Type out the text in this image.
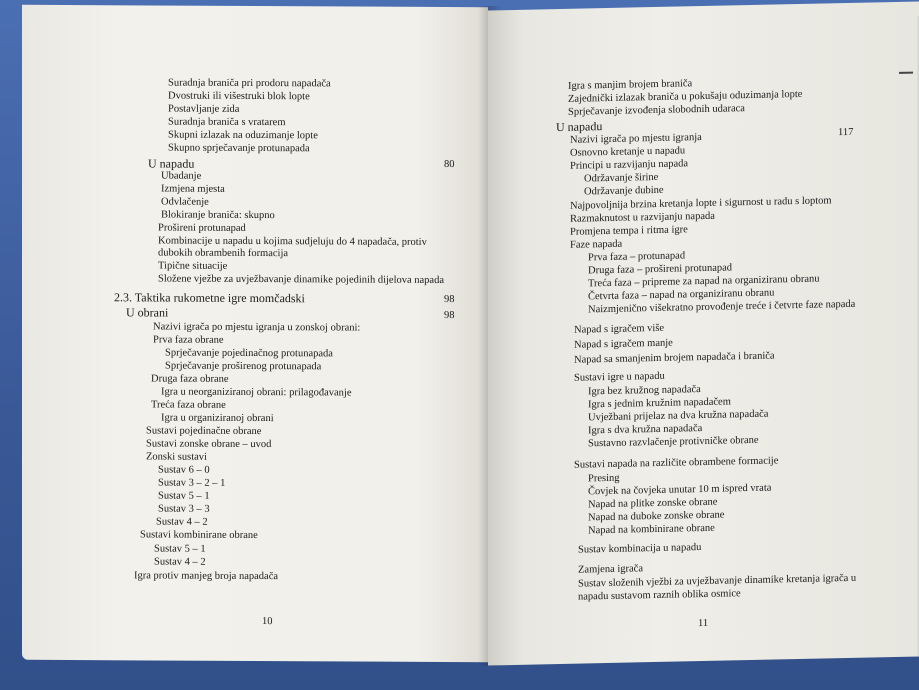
Suradnja braniča pri prodoru napadača
Dvostruki ili višestruki blok lopte
Postavljanje zida
Suradnja braniča s vratarem
Skupni izlazak na oduzimanje lopte
Skupno sprječavanje protunapada
U napadu
Ubadanje
Izmjena mjesta
Odvlačenje
Blokiranje braniča: skupno
Prošireni protunapad
Kombinacije u napadu u kojima sudjeluju do 4 napadača, protiv
dubokih obrambenih formacija
Tipične situacije
Složene vježbe za uvježbavanje dinamike pojedinih dijelova napada
2.3. Taktika rukometne igre momčadski
U obrani
Nazivi igrača po mjestu igranja u zonskoj obrani:
Prva faza obrane
Sprječavanje pojedinačnog protunapada
Sprječavanje proširenog protunapada
Druga faza obrane
Igra u neorganiziranoj obrani: prilagođavanje
Treća faza obrane
Igra u organiziranoj obrani
Sustavi pojedinačne obrane
Sustavi zonske obrane – uvod
Zonski sustavi
Sustav 6 – 0
Sustav 3 – 2 – 1
Sustav 5 – 1
Sustav 3 – 3
Sustav 4 – 2
Sustavi kombinirane obrane
Sustav 5 – 1
Sustav 4 – 2
Igra protiv manjeg broja napadača
80
98
98
10
Igra s manjim brojem braniča
Zajednički izlazak braniča u pokušaju oduzimanja lopte
Sprječavanje izvođenja slobodnih udaraca
U napadu
Nazivi igrača po mjestu igranja
Osnovno kretanje u napadu
Principi u razvijanju napada
Održavanje širine
Održavanje dubine
Najpovoljnija brzina kretanja lopte i sigurnost u radu s loptom
Razmaknutost u razvijanju napada
Promjena tempa i ritma igre
Faze napada
Prva faza – protunapad
Druga faza – prošireni protunapad
Treća faza – pripreme za napad na organiziranu obranu
Četvrta faza – napad na organiziranu obranu
Naizmjenično višekratno provođenje treće i četvrte faze napada
Napad s igračem više
Napad s igračem manje
Napad sa smanjenim brojem napadača i braniča
Sustavi igre u napadu
Igra bez kružnog napadača
Igra s jednim kružnim napadačem
Uvježbani prijelaz na dva kružna napadača
Igra s dva kružna napadača
Sustavno razvlačenje protivničke obrane
Sustavi napada na različite obrambene formacije
Presing
Čovjek na čovjeka unutar 10 m ispred vrata
Napad na plitke zonske obrane
Napad na duboke zonske obrane
Napad na kombinirane obrane
Sustav kombinacija u napadu
Zamjena igrača
Sustav složenih vježbi za uvježbavanje dinamike kretanja igrača u
napadu sustavom raznih oblika osmice
117
11
